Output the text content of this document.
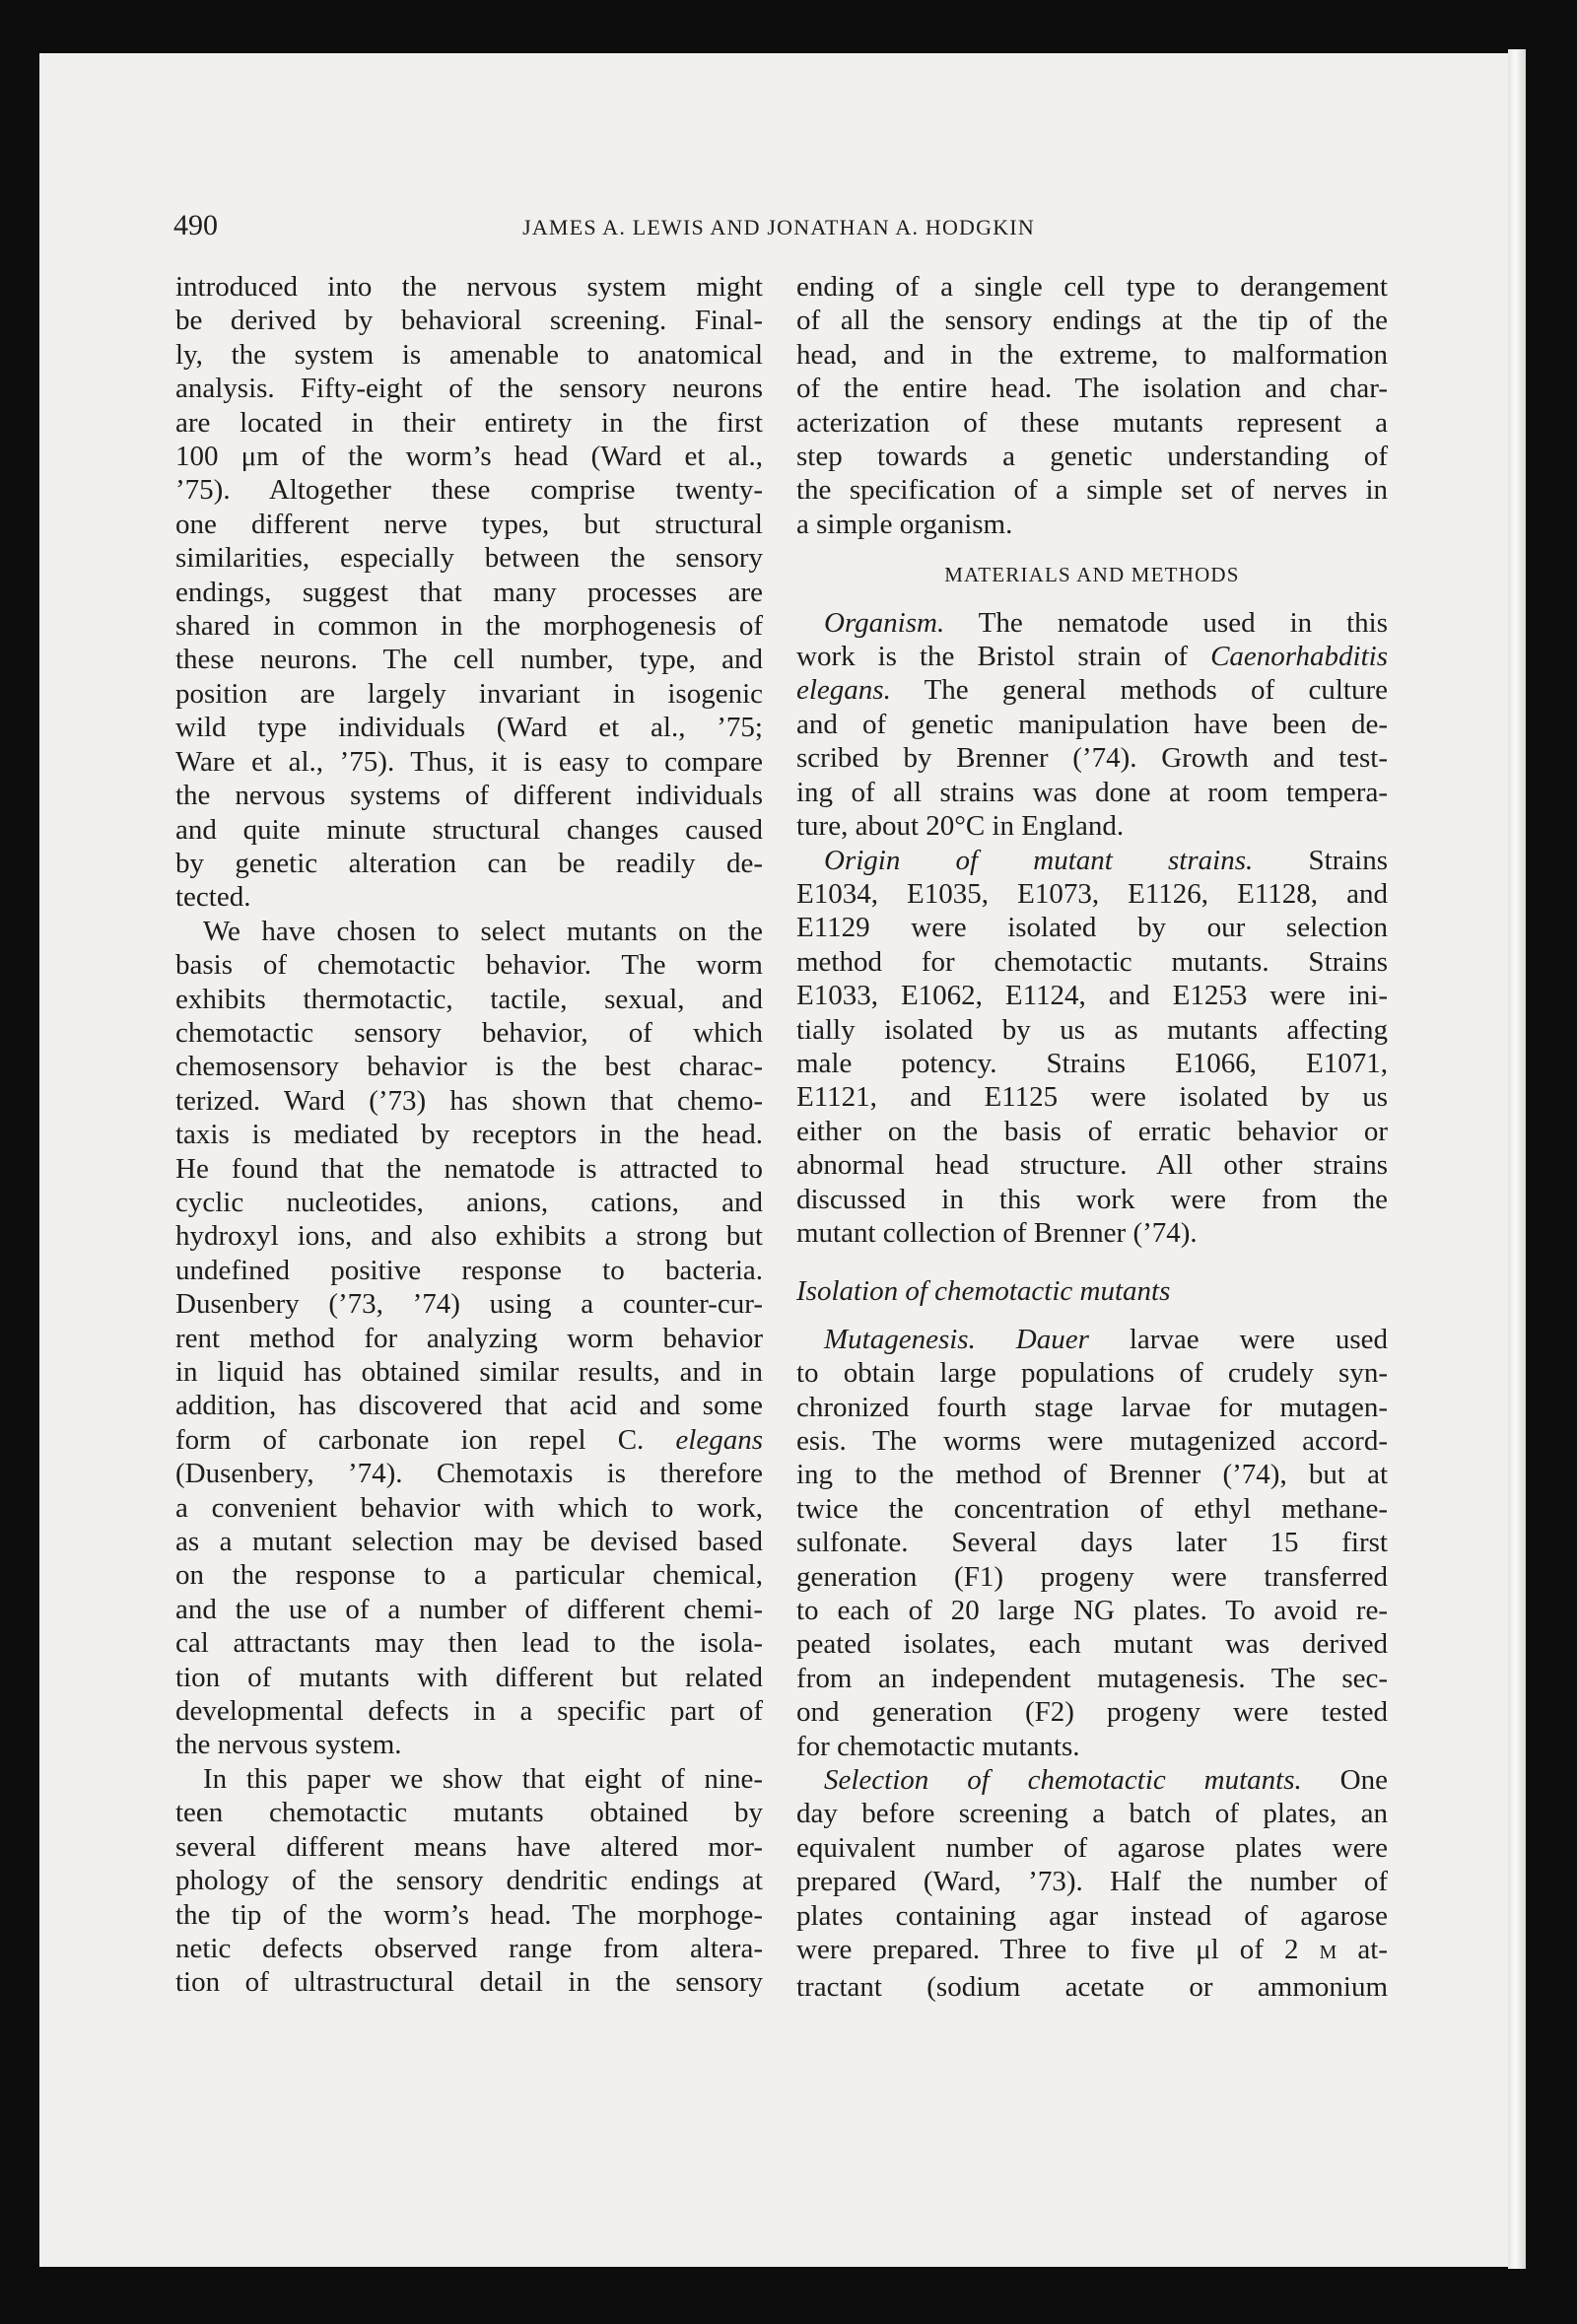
490	JAMES A. LEWIS AND JONATHAN A. HODGKIN
introduced into the nervous system might
be derived by behavioral screening. Final-
ly, the system is amenable to anatomical
analysis. Fifty-eight of the sensory neurons
are located in their entirety in the first
100 μm of the worm’s head (Ward et al.,
’75). Altogether these comprise twenty-
one different nerve types, but structural
similarities, especially between the sensory
endings, suggest that many processes are
shared in common in the morphogenesis of
these neurons. The cell number, type, and
position are largely invariant in isogenic
wild type individuals (Ward et al., ’75;
Ware et al., ’75). Thus, it is easy to compare
the nervous systems of different individuals
and quite minute structural changes caused
by genetic alteration can be readily de-
tected.
We have chosen to select mutants on the
basis of chemotactic behavior. The worm
exhibits thermotactic, tactile, sexual, and
chemotactic sensory behavior, of which
chemosensory behavior is the best charac-
terized. Ward (’73) has shown that chemo-
taxis is mediated by receptors in the head.
He found that the nematode is attracted to
cyclic nucleotides, anions, cations, and
hydroxyl ions, and also exhibits a strong but
undefined positive response to bacteria.
Dusenbery (’73, ’74) using a counter-cur-
rent method for analyzing worm behavior
in liquid has obtained similar results, and in
addition, has discovered that acid and some
form of carbonate ion repel C. elegans
(Dusenbery, ’74). Chemotaxis is therefore
a convenient behavior with which to work,
as a mutant selection may be devised based
on the response to a particular chemical,
and the use of a number of different chemi-
cal attractants may then lead to the isola-
tion of mutants with different but related
developmental defects in a specific part of
the nervous system.
In this paper we show that eight of nine-
teen chemotactic mutants obtained by
several different means have altered mor-
phology of the sensory dendritic endings at
the tip of the worm’s head. The morphoge-
netic defects observed range from altera-
tion of ultrastructural detail in the sensory
ending of a single cell type to derangement
of all the sensory endings at the tip of the
head, and in the extreme, to malformation
of the entire head. The isolation and char-
acterization of these mutants represent a
step towards a genetic understanding of
the specification of a simple set of nerves in
a simple organism.
MATERIALS AND METHODS
Organism. The nematode used in this
work is the Bristol strain of Caenorhabditis
elegans. The general methods of culture
and of genetic manipulation have been de-
scribed by Brenner (’74). Growth and test-
ing of all strains was done at room tempera-
ture, about 20°C in England.
Origin of mutant strains. Strains
E1034, E1035, E1073, E1126, E1128, and
E1129 were isolated by our selection
method for chemotactic mutants. Strains
E1033, E1062, E1124, and E1253 were ini-
tially isolated by us as mutants affecting
male potency. Strains E1066, E1071,
E1121, and E1125 were isolated by us
either on the basis of erratic behavior or
abnormal head structure. All other strains
discussed in this work were from the
mutant collection of Brenner (’74).
Isolation of chemotactic mutants
Mutagenesis. Dauer larvae were used
to obtain large populations of crudely syn-
chronized fourth stage larvae for mutagen-
esis. The worms were mutagenized accord-
ing to the method of Brenner (’74), but at
twice the concentration of ethyl methane-
sulfonate. Several days later 15 first
generation (F1) progeny were transferred
to each of 20 large NG plates. To avoid re-
peated isolates, each mutant was derived
from an independent mutagenesis. The sec-
ond generation (F2) progeny were tested
for chemotactic mutants.
Selection of chemotactic mutants. One
day before screening a batch of plates, an
equivalent number of agarose plates were
prepared (Ward, ’73). Half the number of
plates containing agar instead of agarose
were prepared. Three to five μl of 2 M at-
tractant (sodium acetate or ammonium
